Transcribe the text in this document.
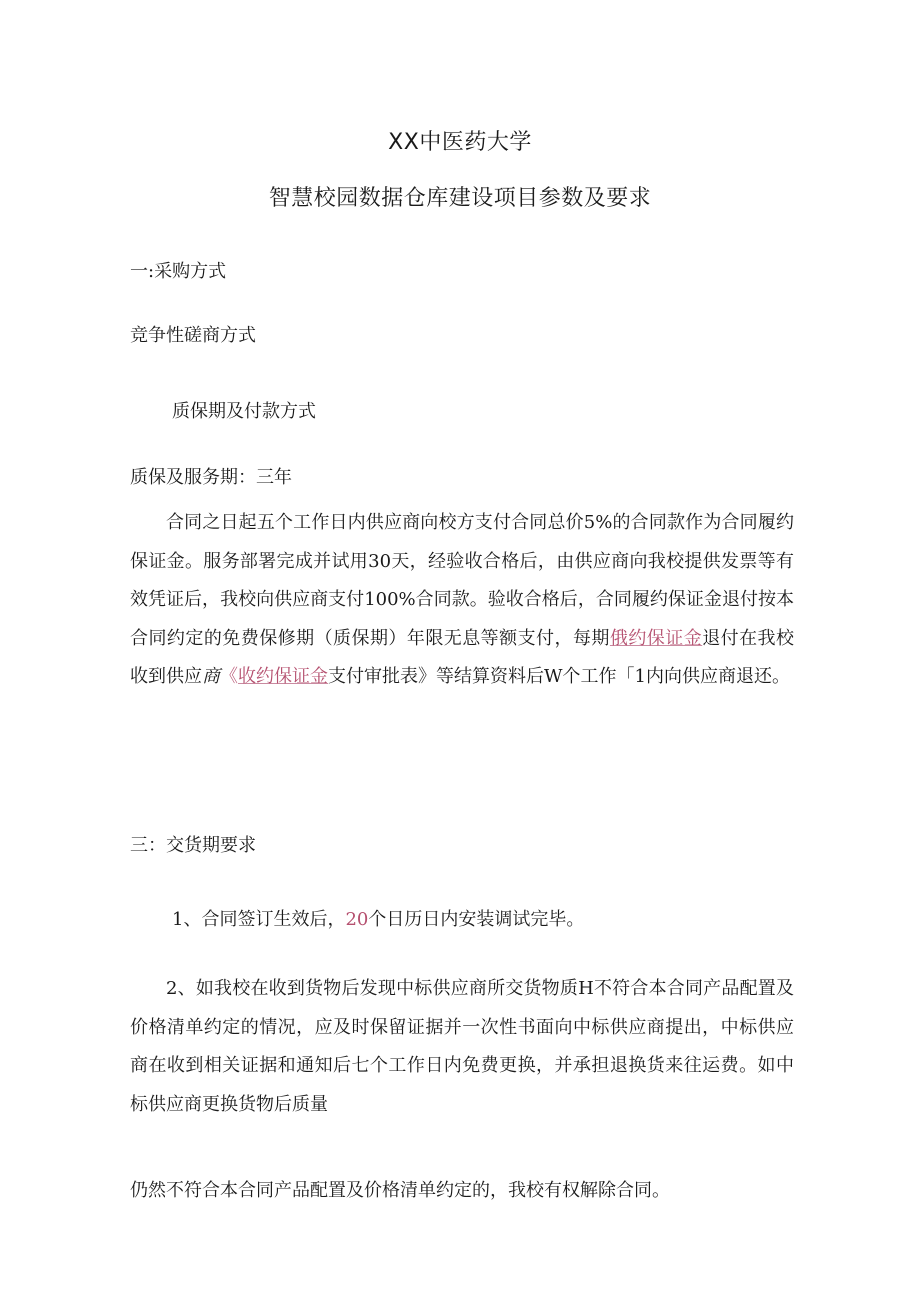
XX中医药大学
智慧校园数据仓库建设项目参数及要求
一:采购方式
竞争性磋商方式
质保期及付款方式
质保及服务期：三年
合同之日起五个工作日内供应商向校方支付合同总价5%的合同款作为合同履约保证金。服务部署完成并试用30天，经验收合格后，由供应商向我校提供发票等有效凭证后，我校向供应商支付100%合同款。验收合格后，合同履约保证金退付按本合同约定的免费保修期（质保期）年限无息等额支付，每期俄约保证金退付在我校收到供应商《收约保证金支付审批表》等结算资料后W个工作「1内向供应商退还。
三：交货期要求
1、合同签订生效后，20个日历日内安装调试完毕。
2、如我校在收到货物后发现中标供应商所交货物质H不符合本合同产品配置及价格清单约定的情况，应及时保留证据并一次性书面向中标供应商提出，中标供应商在收到相关证据和通知后七个工作日内免费更换，并承担退换货来往运费。如中标供应商更换货物后质量
仍然不符合本合同产品配置及价格清单约定的，我校有权解除合同。
